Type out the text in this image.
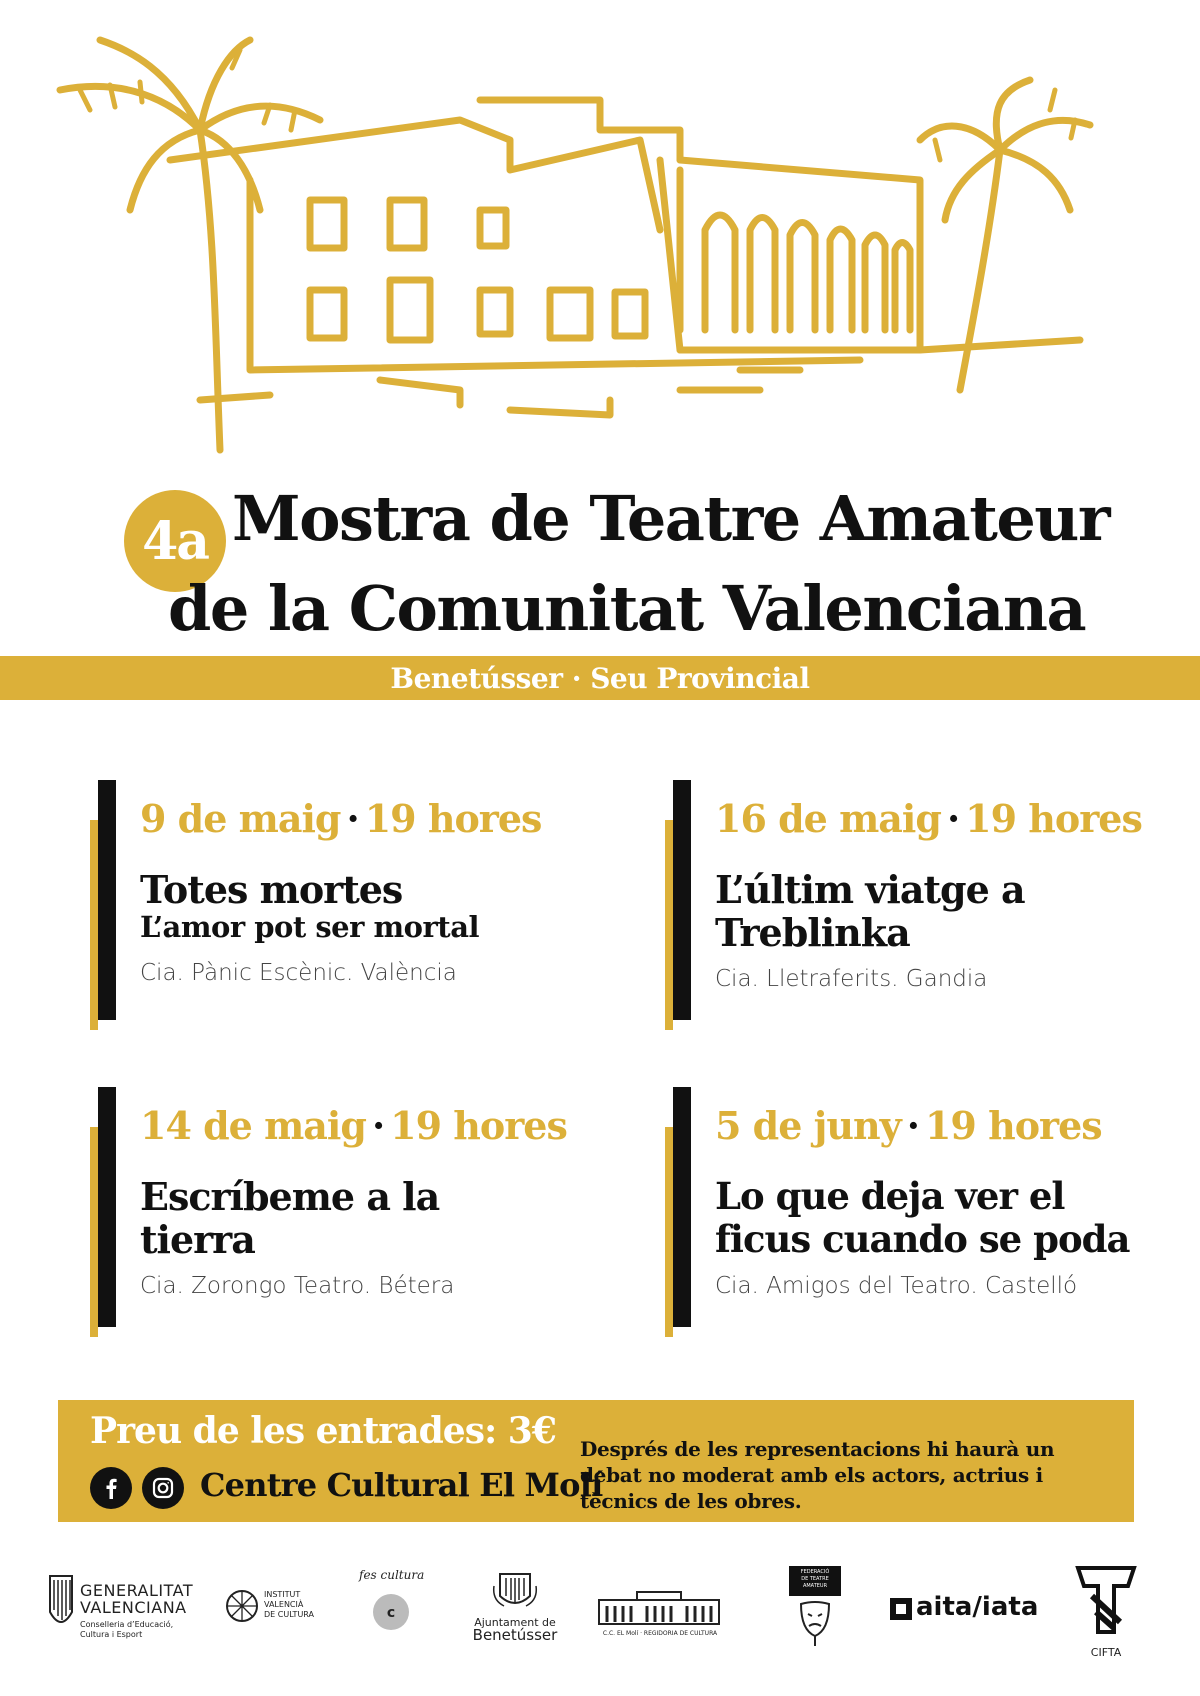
4a Mostra de Teatre Amateur
de la Comunitat Valenciana
Benetússer · Seu Provincial
9 de maig · 19 hores
Totes mortes
L’amor pot ser mortal
Cia. Pànic Escènic. València
16 de maig · 19 hores
L’últim viatge a Treblinka
Cia. Lletraferits. Gandia
14 de maig · 19 hores
Escríbeme a la tierra
Cia. Zorongo Teatro. Bétera
5 de juny · 19 hores
Lo que deja ver el ficus cuando se poda
Cia. Amigos del Teatro. Castelló
Preu de les entrades: 3€
Centre Cultural El Molí
Després de les representacions hi haurà un debat no moderat amb els actors, actrius i tècnics de les obres.
GENERALITAT
VALENCIANA
Conselleria d’Educació,
Cultura i Esport
INSTITUT
VALENCIÀ
DE CULTURA
fes cultura
c
Ajuntament de
Benetússer	C.C. EL Molí · REGIDORIA DE CULTURA
FEDERACIÓ
DE TEATRE
AMATEUR
aita/iata
CIFTA
